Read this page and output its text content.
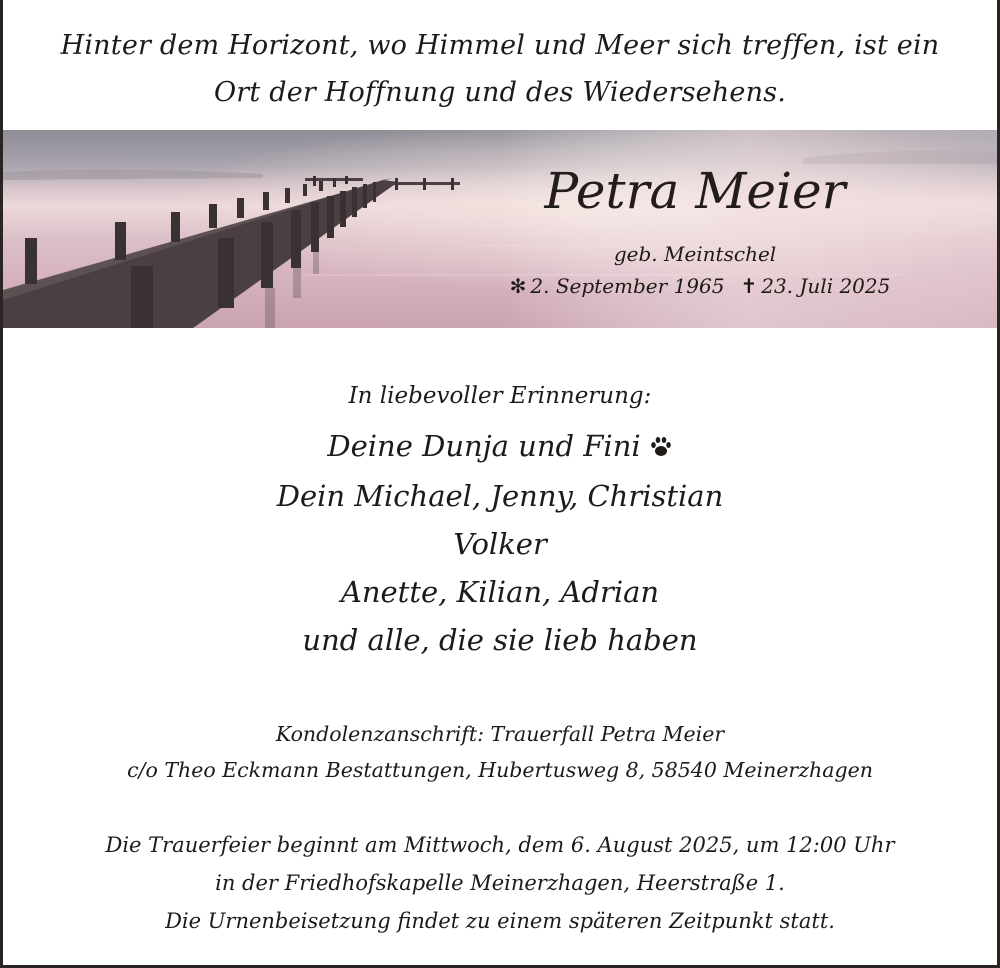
Hinter dem Horizont, wo Himmel und Meer sich treffen, ist ein
Ort der Hoffnung und des Wiedersehens.
Petra Meier
geb. Meintschel
✻ 2. September 1965 ✝ 23. Juli 2025
In liebevoller Erinnerung:
Deine Dunja und Fini
Dein Michael, Jenny, Christian
Volker
Anette, Kilian, Adrian
und alle, die sie lieb haben
Kondolenzanschrift: Trauerfall Petra Meier
c/o Theo Eckmann Bestattungen, Hubertusweg 8, 58540 Meinerzhagen
Die Trauerfeier beginnt am Mittwoch, dem 6. August 2025, um 12:00 Uhr
in der Friedhofskapelle Meinerzhagen, Heerstraße 1.
Die Urnenbeisetzung findet zu einem späteren Zeitpunkt statt.
